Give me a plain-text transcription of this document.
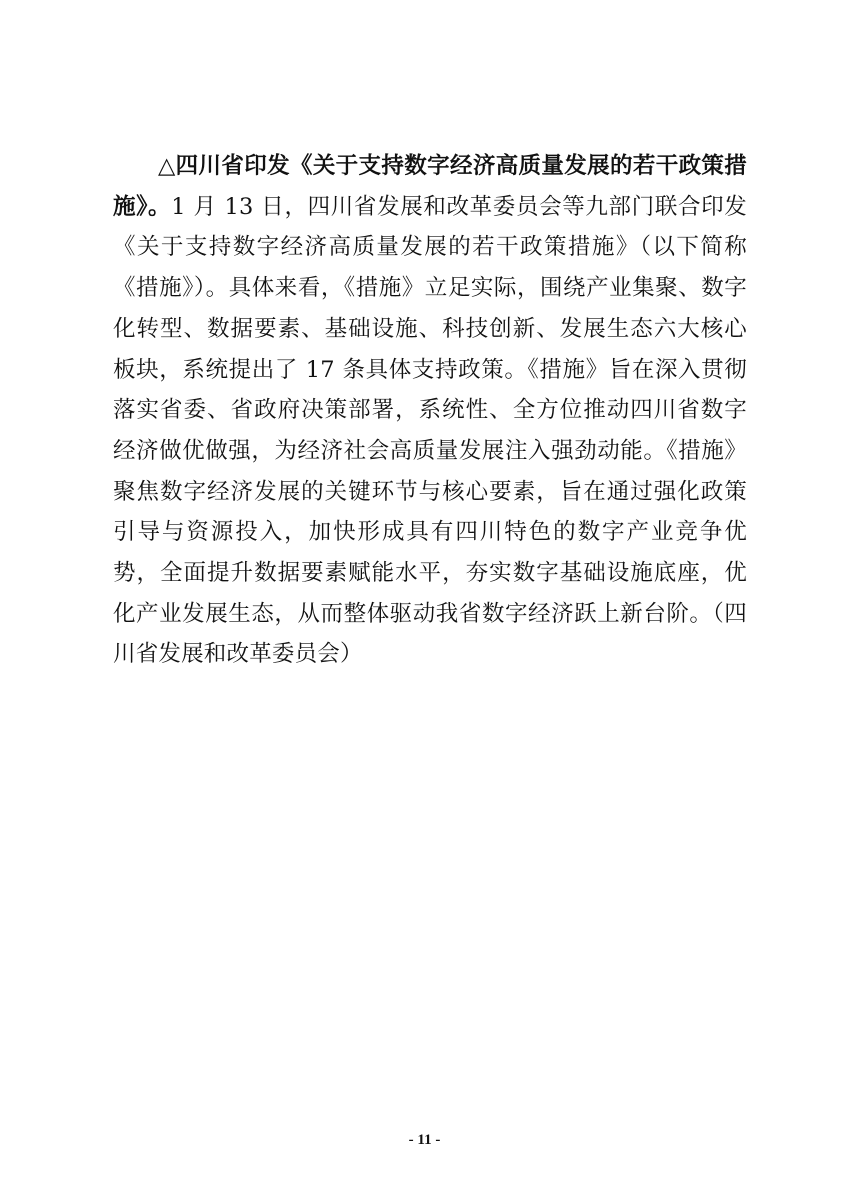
△四川省印发《关于支持数字经济高质量发展的若干政策措施》。1 月 13 日，四川省发展和改革委员会等九部门联合印发《关于支持数字经济高质量发展的若干政策措施》（以下简称《措施》）。具体来看，《措施》立足实际，围绕产业集聚、数字化转型、数据要素、基础设施、科技创新、发展生态六大核心板块，系统提出了 17 条具体支持政策。《措施》旨在深入贯彻落实省委、省政府决策部署，系统性、全方位推动四川省数字经济做优做强，为经济社会高质量发展注入强劲动能。《措施》聚焦数字经济发展的关键环节与核心要素，旨在通过强化政策引导与资源投入，加快形成具有四川特色的数字产业竞争优势，全面提升数据要素赋能水平，夯实数字基础设施底座，优化产业发展生态，从而整体驱动我省数字经济跃上新台阶。（四川省发展和改革委员会）

- 11 -
